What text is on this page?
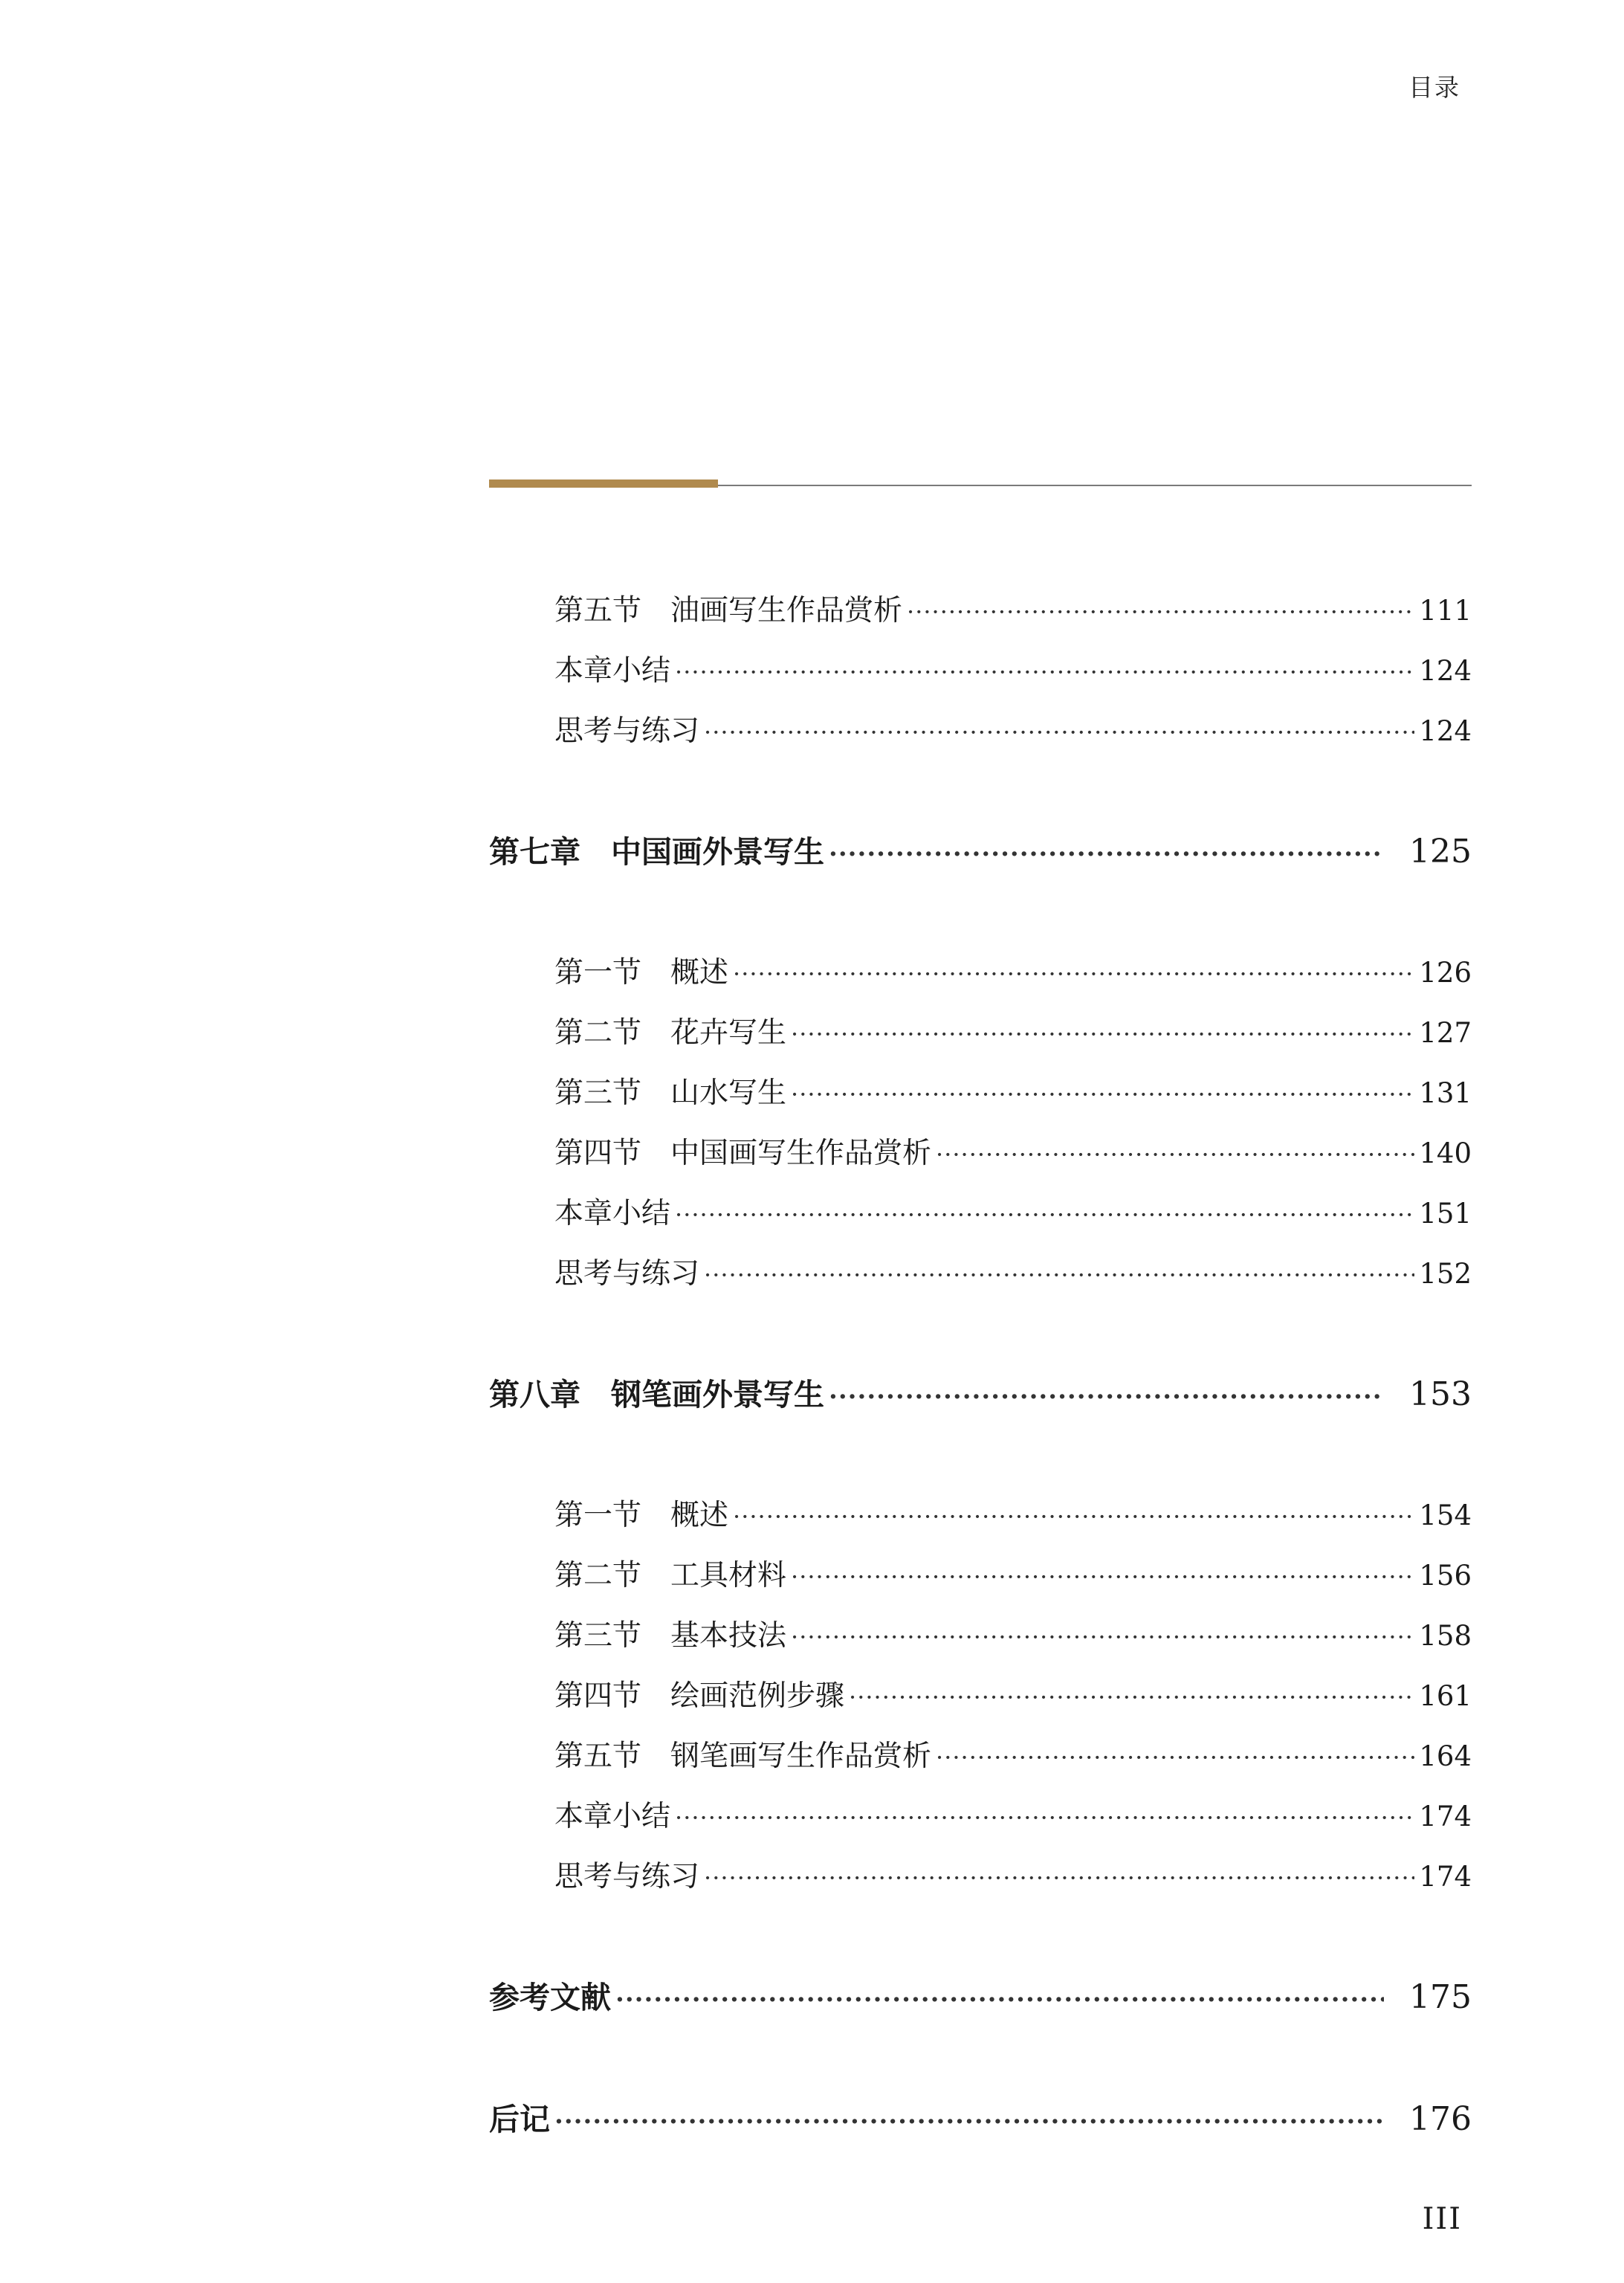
目录
第五节　油画写生作品赏析 ·····	111
本章小结 ·····	124
思考与练习 ·····	124
第七章　中国画外景写生 ·····	125
第一节　概述 ·····	126
第二节　花卉写生 ·····	127
第三节　山水写生 ·····	131
第四节　中国画写生作品赏析 ·····	140
本章小结 ·····	151
思考与练习 ·····	152
第八章　钢笔画外景写生 ·····	153
第一节　概述 ·····	154
第二节　工具材料 ·····	156
第三节　基本技法 ·····	158
第四节　绘画范例步骤 ·····	161
第五节　钢笔画写生作品赏析 ·····	164
本章小结 ·····	174
思考与练习 ·····	174
参考文献 ·····	175
后记 ·····	176
III
